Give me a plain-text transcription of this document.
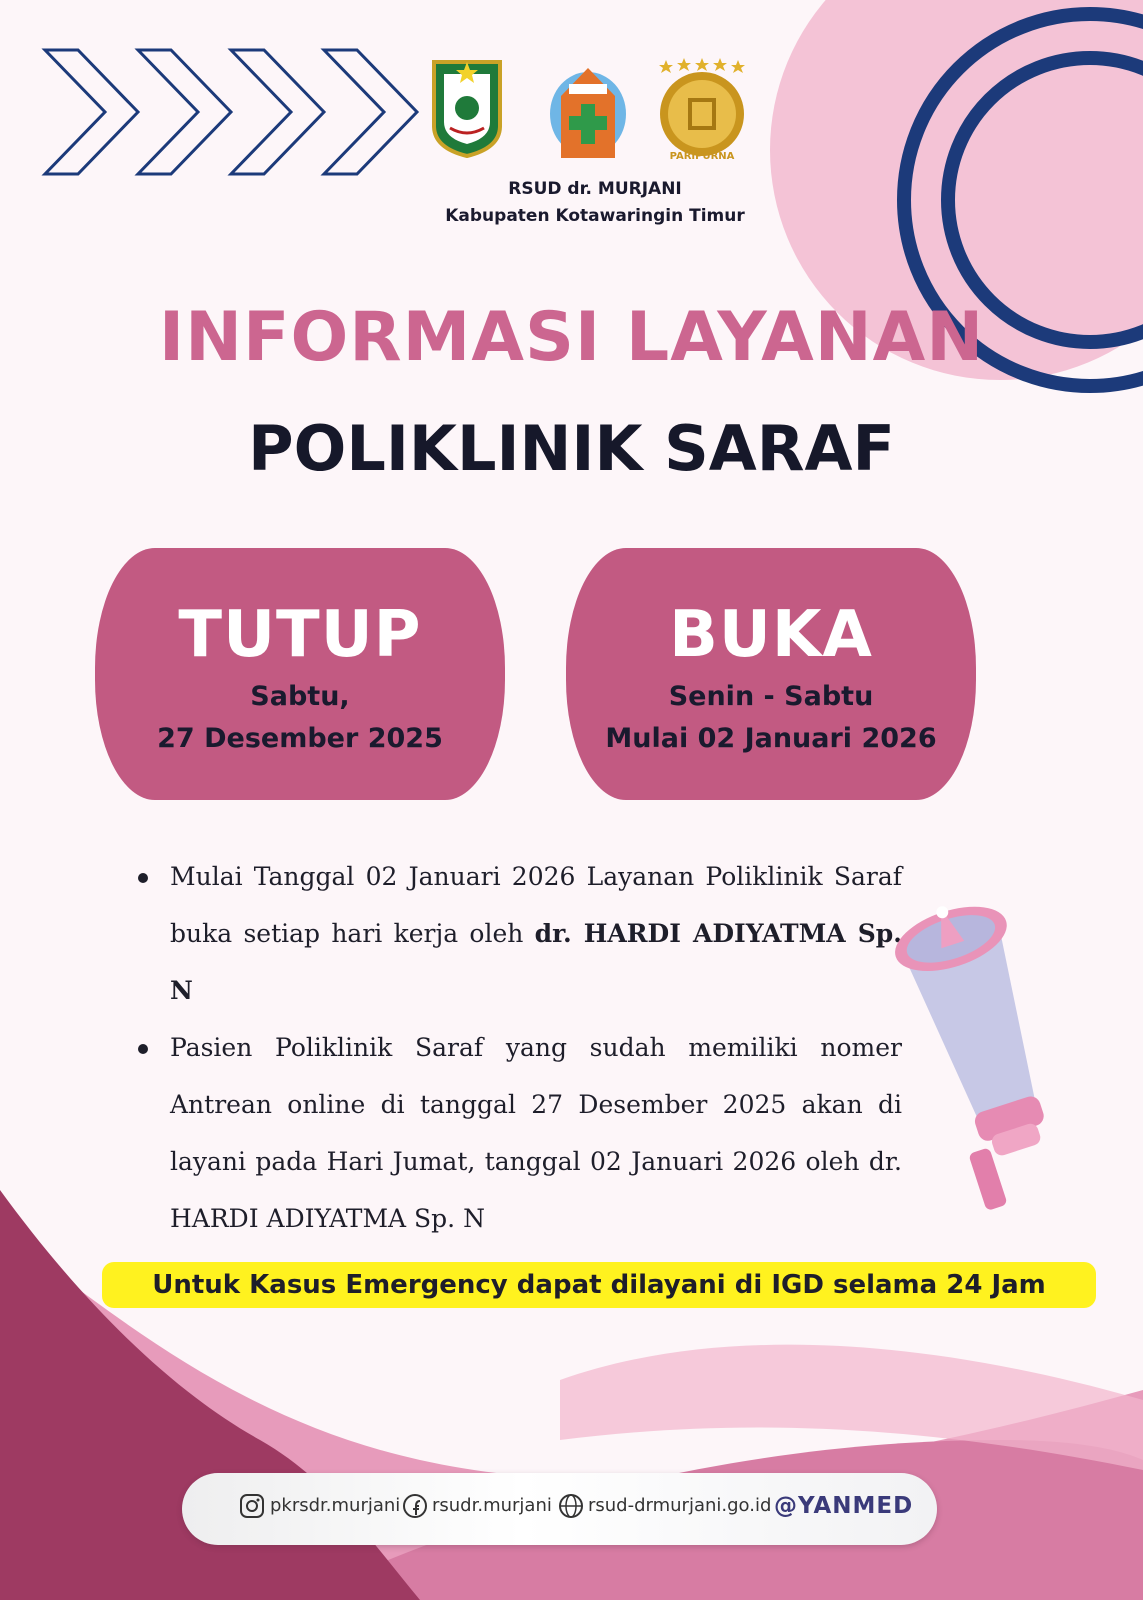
PARIPURNA
RSUD dr. MURJANI
Kabupaten Kotawaringin Timur
INFORMASI LAYANAN
POLIKLINIK SARAF
TUTUP
Sabtu,
27 Desember 2025
BUKA
Senin - Sabtu
Mulai 02 Januari 2026
Mulai Tanggal 02 Januari 2026 Layanan Poliklinik Saraf buka setiap hari kerja oleh dr. HARDI ADIYATMA Sp. N
Pasien Poliklinik Saraf yang sudah memiliki nomer Antrean online di tanggal 27 Desember 2025 akan di layani pada Hari Jumat, tanggal 02 Januari 2026 oleh dr. HARDI ADIYATMA Sp. N
Untuk Kasus Emergency dapat dilayani di IGD selama 24 Jam
pkrsdr.murjani rsudr.murjani rsud-drmurjani.go.id @YANMED
